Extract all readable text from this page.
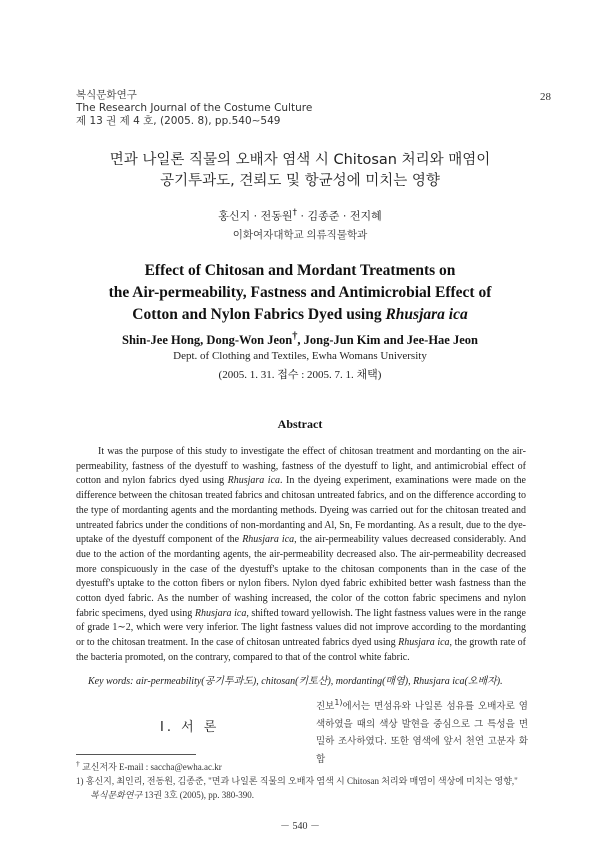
복식문화연구
The Research Journal of the Costume Culture
제 13 권 제 4 호, (2005. 8), pp.540∼549
28
면과 나일론 직물의 오배자 염색 시 Chitosan 처리와 매염이
공기투과도, 견뢰도 및 항균성에 미치는 영향
홍신지 · 전동원† · 김종준 · 전지혜
이화여자대학교 의류직물학과
Effect of Chitosan and Mordant Treatments on
the Air-permeability, Fastness and Antimicrobial Effect of
Cotton and Nylon Fabrics Dyed using Rhusjara ica
Shin-Jee Hong, Dong-Won Jeon†, Jong-Jun Kim and Jee-Hae Jeon
Dept. of Clothing and Textiles, Ewha Womans University
(2005. 1. 31. 접수 : 2005. 7. 1. 채택)
Abstract

It was the purpose of this study to investigate the effect of chitosan treatment and mordanting on the air-permeability, fastness of the dyestuff to washing, fastness of the dyestuff to light, and antimicrobial effect of cotton and nylon fabrics dyed using Rhusjara ica. In the dyeing experiment, examinations were made on the difference between the chitosan treated fabrics and chitosan untreated fabrics, and on the difference according to the type of mordanting agents and the mordanting methods. Dyeing was carried out for the chitosan treated and untreated fabrics under the conditions of non-mordanting and Al, Sn, Fe mordanting. As a result, due to the dye-uptake of the dyestuff component of the Rhusjara ica, the air-permeability values decreased considerably. And due to the action of the mordanting agents, the air-permeability decreased also. The air-permeability decreased more conspicuously in the case of the dyestuff's uptake to the chitosan components than in the case of the dyestuff's uptake to the cotton fibers or nylon fibers. Nylon dyed fabric exhibited better wash fastness than the cotton dyed fabric. As the number of washing increased, the color of the cotton fabric specimens and nylon fabric specimens, dyed using Rhusjara ica, shifted toward yellowish. The light fastness values were in the range of grade 1∼2, which were very inferior. The light fastness values did not improve according to the mordanting or to the chitosan treatment. In the case of chitosan untreated fabrics dyed using Rhusjara ica, the growth rate of the bacteria promoted, on the contrary, compared to that of the control white fabric.

Key words: air-permeability(공기투과도), chitosan(키토산), mordanting(매염), Rhusjara ica(오배자).
I. 서 론
진보$^{1)}$에서는 면섬유와 나일론 섬유를 오배자로 염색하였을 때의 색상 발현을 중심으로 그 특성을 면밀하 조사하였다. 또한 염색에 앞서 천연 고분자 화합

† 교신저자 E-mail : saccha@ewha.ac.kr

1) 홍신지, 최인리, 전동원, 김종준, "면과 나일론 직물의 오배자 염색 시 Chitosan 처리와 매염이 색상에 미치는 영향," 복식문화연구 13권 3호 (2005), pp. 380-390.

－ 540 －
